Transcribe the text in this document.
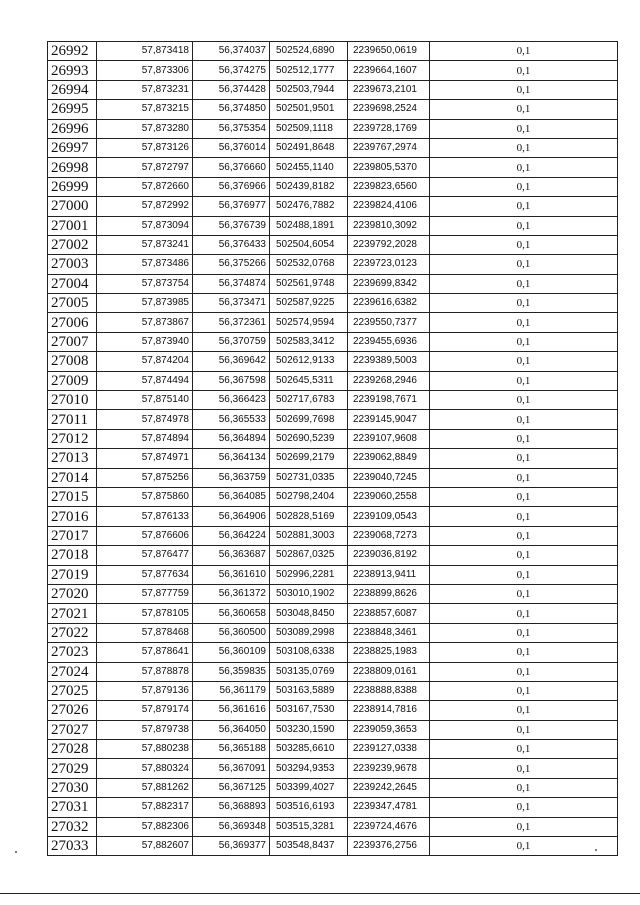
26992	57,873418	56,374037	502524,6890	2239650,0619	0,1
26993	57,873306	56,374275	502512,1777	2239664,1607	0,1
26994	57,873231	56,374428	502503,7944	2239673,2101	0,1
26995	57,873215	56,374850	502501,9501	2239698,2524	0,1
26996	57,873280	56,375354	502509,1118	2239728,1769	0,1
26997	57,873126	56,376014	502491,8648	2239767,2974	0,1
26998	57,872797	56,376660	502455,1140	2239805,5370	0,1
26999	57,872660	56,376966	502439,8182	2239823,6560	0,1
27000	57,872992	56,376977	502476,7882	2239824,4106	0,1
27001	57,873094	56,376739	502488,1891	2239810,3092	0,1
27002	57,873241	56,376433	502504,6054	2239792,2028	0,1
27003	57,873486	56,375266	502532,0768	2239723,0123	0,1
27004	57,873754	56,374874	502561,9748	2239699,8342	0,1
27005	57,873985	56,373471	502587,9225	2239616,6382	0,1
27006	57,873867	56,372361	502574,9594	2239550,7377	0,1
27007	57,873940	56,370759	502583,3412	2239455,6936	0,1
27008	57,874204	56,369642	502612,9133	2239389,5003	0,1
27009	57,874494	56,367598	502645,5311	2239268,2946	0,1
27010	57,875140	56,366423	502717,6783	2239198,7671	0,1
27011	57,874978	56,365533	502699,7698	2239145,9047	0,1
27012	57,874894	56,364894	502690,5239	2239107,9608	0,1
27013	57,874971	56,364134	502699,2179	2239062,8849	0,1
27014	57,875256	56,363759	502731,0335	2239040,7245	0,1
27015	57,875860	56,364085	502798,2404	2239060,2558	0,1
27016	57,876133	56,364906	502828,5169	2239109,0543	0,1
27017	57,876606	56,364224	502881,3003	2239068,7273	0,1
27018	57,876477	56,363687	502867,0325	2239036,8192	0,1
27019	57,877634	56,361610	502996,2281	2238913,9411	0,1
27020	57,877759	56,361372	503010,1902	2238899,8626	0,1
27021	57,878105	56,360658	503048,8450	2238857,6087	0,1
27022	57,878468	56,360500	503089,2998	2238848,3461	0,1
27023	57,878641	56,360109	503108,6338	2238825,1983	0,1
27024	57,878878	56,359835	503135,0769	2238809,0161	0,1
27025	57,879136	56,361179	503163,5889	2238888,8388	0,1
27026	57,879174	56,361616	503167,7530	2238914,7816	0,1
27027	57,879738	56,364050	503230,1590	2239059,3653	0,1
27028	57,880238	56,365188	503285,6610	2239127,0338	0,1
27029	57,880324	56,367091	503294,9353	2239239,9678	0,1
27030	57,881262	56,367125	503399,4027	2239242,2645	0,1
27031	57,882317	56,368893	503516,6193	2239347,4781	0,1
27032	57,882306	56,369348	503515,3281	2239724,4676	0,1
27033	57,882607	56,369377	503548,8437	2239376,2756	0,1
